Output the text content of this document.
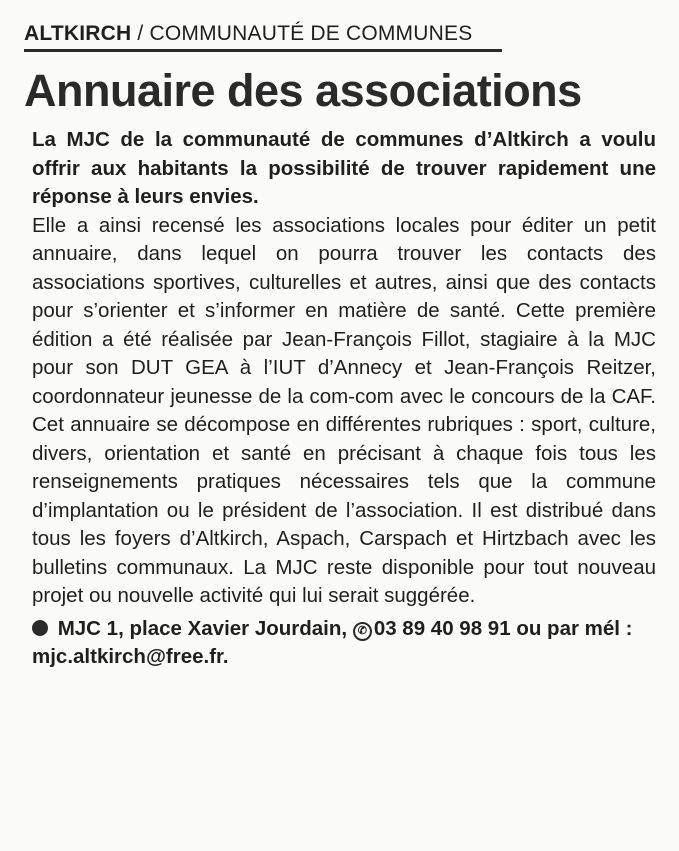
ALTKIRCH / COMMUNAUTÉ DE COMMUNES
Annuaire des associations
La MJC de la communauté de communes d’Altkirch a voulu offrir aux habitants la possibilité de trouver rapidement une réponse à leurs envies.
Elle a ainsi recensé les associations locales pour éditer un petit annuaire, dans lequel on pourra trouver les contacts des associations sportives, culturelles et autres, ainsi que des contacts pour s’orienter et s’informer en matière de santé. Cette première édition a été réalisée par Jean-François Fillot, stagiaire à la MJC pour son DUT GEA à l’IUT d’Annecy et Jean-François Reitzer, coordonnateur jeunesse de la com-com avec le concours de la CAF. Cet annuaire se décompose en différentes rubriques : sport, culture, divers, orientation et santé en précisant à chaque fois tous les renseignements pratiques nécessaires tels que la commune d’implantation ou le président de l’association. Il est distribué dans tous les foyers d’Altkirch, Aspach, Carspach et Hirtzbach avec les bulletins communaux. La MJC reste disponible pour tout nouveau projet ou nouvelle activité qui lui serait suggérée.
MJC 1, place Xavier Jourdain, ✆ 03 89 40 98 91 ou par mél : mjc.altkirch@free.fr.
